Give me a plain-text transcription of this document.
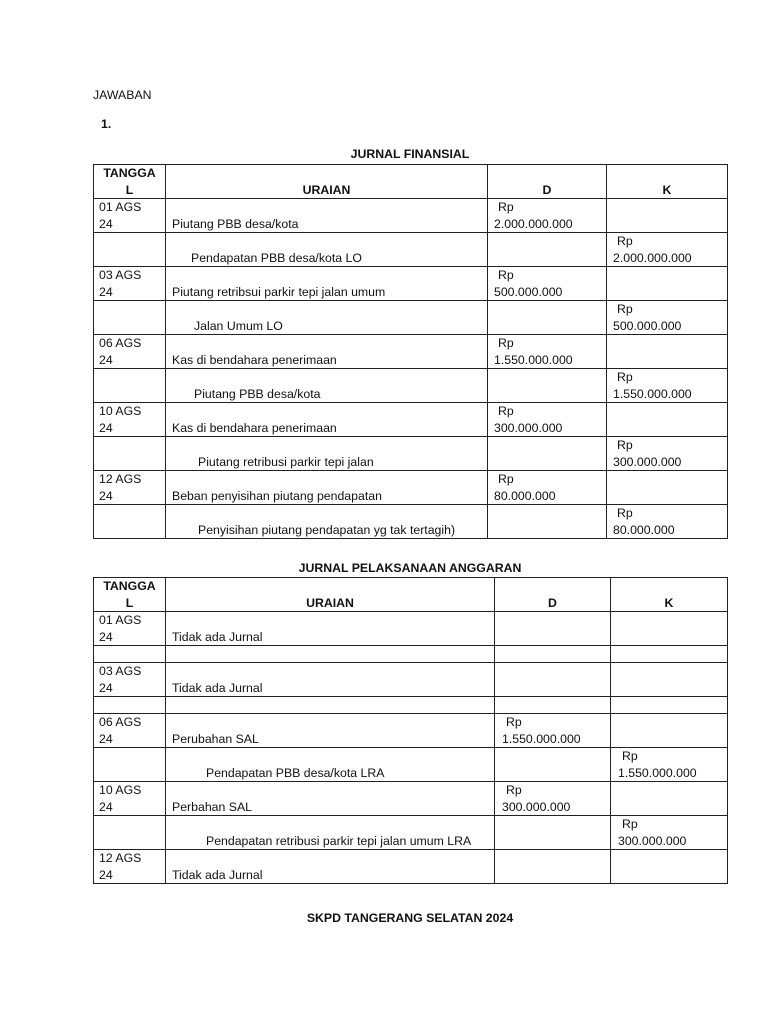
JAWABAN
1.
JURNAL FINANSIAL
TANGGA
L	URAIAN	D	K

01 AGS
24	Piutang PBB desa/kota	Rp
2.000.000.000	

	Pendapatan PBB desa/kota LO		Rp
2.000.000.000

03 AGS
24	Piutang retribsui parkir tepi jalan umum	Rp
500.000.000	

	Jalan Umum LO		Rp
500.000.000

06 AGS
24	Kas di bendahara penerimaan	Rp
1.550.000.000	

	Piutang PBB desa/kota		Rp
1.550.000.000

10 AGS
24	Kas di bendahara penerimaan	Rp
300.000.000	

	Piutang retribusi parkir tepi jalan		Rp
300.000.000

12 AGS
24	Beban penyisihan piutang pendapatan	Rp
80.000.000	

	Penyisihan piutang pendapatan yg tak tertagih)		Rp
80.000.000
JURNAL PELAKSANAAN ANGGARAN
TANGGA
L	URAIAN	D	K

01 AGS
24	Tidak ada Jurnal		

03 AGS
24	Tidak ada Jurnal		

06 AGS
24	Perubahan SAL	Rp
1.550.000.000	

	Pendapatan PBB desa/kota LRA		Rp
1.550.000.000

10 AGS
24	Perbahan SAL	Rp
300.000.000	

	Pendapatan retribusi parkir tepi jalan umum LRA		Rp
300.000.000

12 AGS
24	Tidak ada Jurnal		
SKPD TANGERANG SELATAN 2024
